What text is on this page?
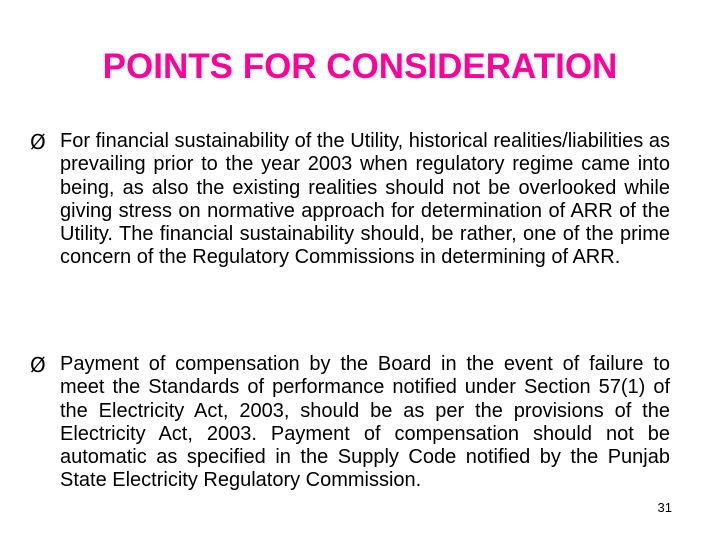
POINTS FOR CONSIDERATION
Ø For financial sustainability of the Utility, historical realities/liabilities as prevailing prior to the year 2003 when regulatory regime came into being, as also the existing realities should not be overlooked while giving stress on normative approach for determination of ARR of the Utility. The financial sustainability should, be rather, one of the prime concern of the Regulatory Commissions in determining of ARR.

Ø Payment of compensation by the Board in the event of failure to meet the Standards of performance notified under Section 57(1) of the Electricity Act, 2003, should be as per the provisions of the Electricity Act, 2003. Payment of compensation should not be automatic as specified in the Supply Code notified by the Punjab State Electricity Regulatory Commission.

31
